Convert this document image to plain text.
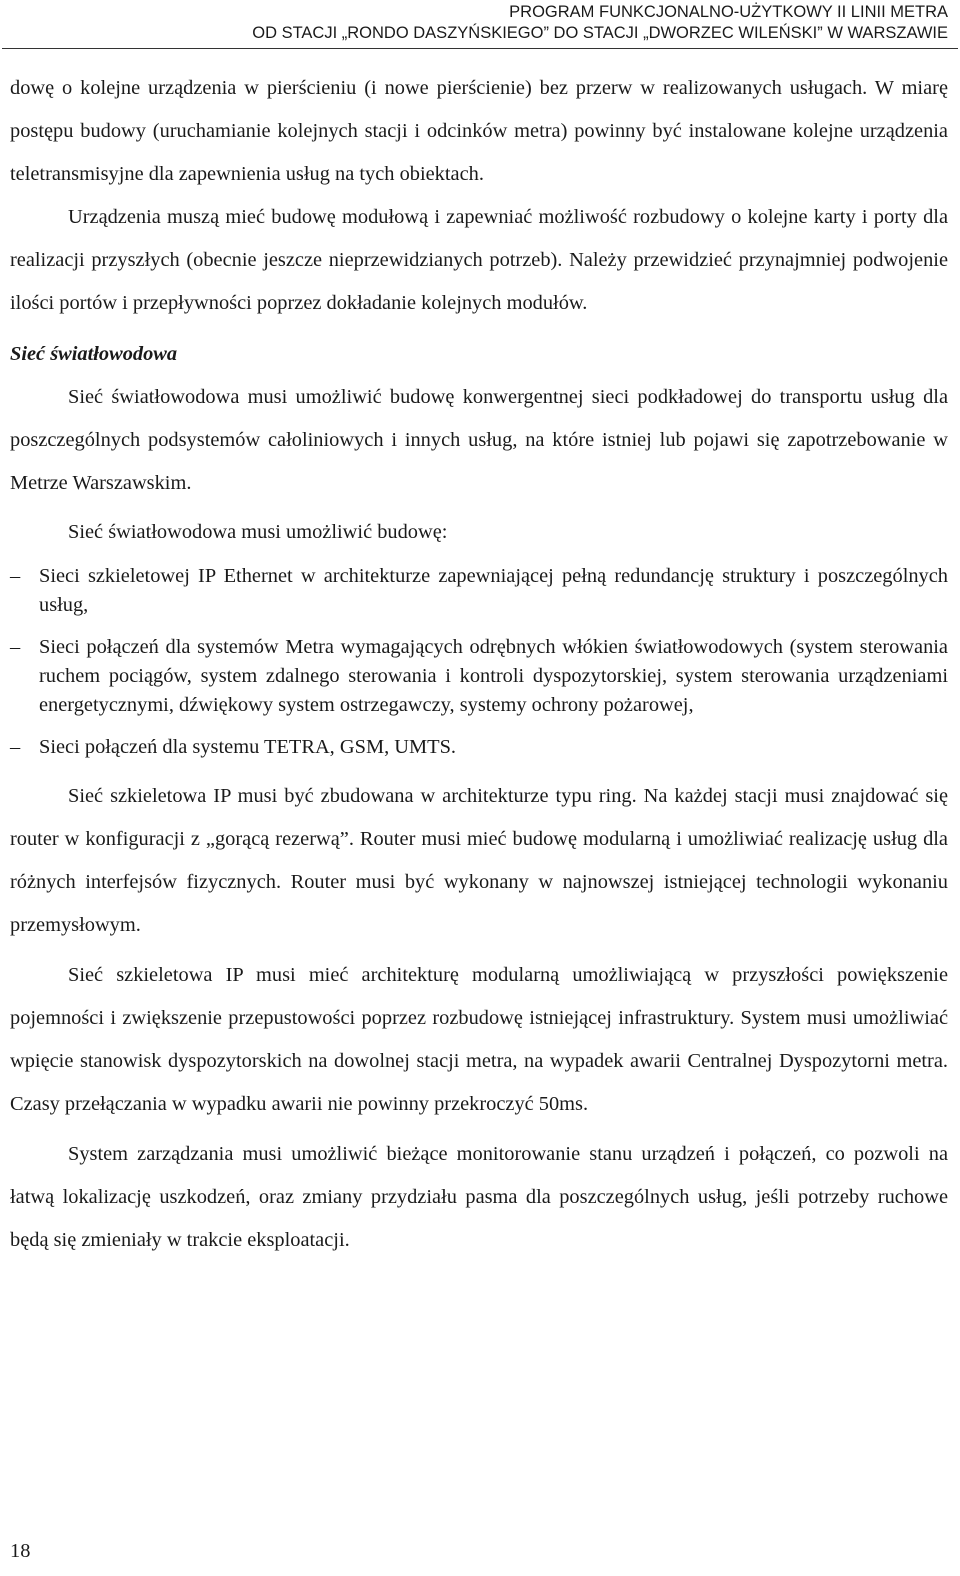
PROGRAM FUNKCJONALNO-UŻYTKOWY II LINII METRA
OD STACJI „RONDO DASZYŃSKIEGO” DO STACJI „DWORZEC WILEŃSKI” W WARSZAWIE

dowę o kolejne urządzenia w pierścieniu (i nowe pierścienie) bez przerw w realizowanych usługach. W miarę postępu budowy (uruchamianie kolejnych stacji i odcinków metra) powinny być instalowane kolejne urządzenia teletransmisyjne dla zapewnienia usług na tych obiektach.

Urządzenia muszą mieć budowę modułową i zapewniać możliwość rozbudowy o kolejne karty i porty dla realizacji przyszłych (obecnie jeszcze nieprzewidzianych potrzeb). Należy przewidzieć przynajmniej podwojenie ilości portów i przepływności poprzez dokładanie kolejnych modułów.

Sieć światłowodowa

Sieć światłowodowa musi umożliwić budowę konwergentnej sieci podkładowej do transportu usług dla poszczególnych podsystemów całoliniowych i innych usług, na które istniej lub pojawi się zapotrzebowanie w Metrze Warszawskim.

Sieć światłowodowa musi umożliwić budowę:

– Sieci szkieletowej IP Ethernet w architekturze zapewniającej pełną redundancję struktury i poszczególnych usług,
– Sieci połączeń dla systemów Metra wymagających odrębnych włókien światłowodowych (system sterowania ruchem pociągów, system zdalnego sterowania i kontroli dyspozytorskiej, system sterowania urządzeniami energetycznymi, dźwiękowy system ostrzegawczy, systemy ochrony pożarowej,
– Sieci połączeń dla systemu TETRA, GSM, UMTS.

Sieć szkieletowa IP musi być zbudowana w architekturze typu ring. Na każdej stacji musi znajdować się router w konfiguracji z „gorącą rezerwą”. Router musi mieć budowę modularną i umożliwiać realizację usług dla różnych interfejsów fizycznych. Router musi być wykonany w najnowszej istniejącej technologii wykonaniu przemysłowym.

Sieć szkieletowa IP musi mieć architekturę modularną umożliwiającą w przyszłości powiększenie pojemności i zwiększenie przepustowości poprzez rozbudowę istniejącej infrastruktury. System musi umożliwiać wpięcie stanowisk dyspozytorskich na dowolnej stacji metra, na wypadek awarii Centralnej Dyspozytorni metra. Czasy przełączania w wypadku awarii nie powinny przekroczyć 50ms.

System zarządzania musi umożliwić bieżące monitorowanie stanu urządzeń i połączeń, co pozwoli na łatwą lokalizację uszkodzeń, oraz zmiany przydziału pasma dla poszczególnych usług, jeśli potrzeby ruchowe będą się zmieniały w trakcie eksploatacji.

18
